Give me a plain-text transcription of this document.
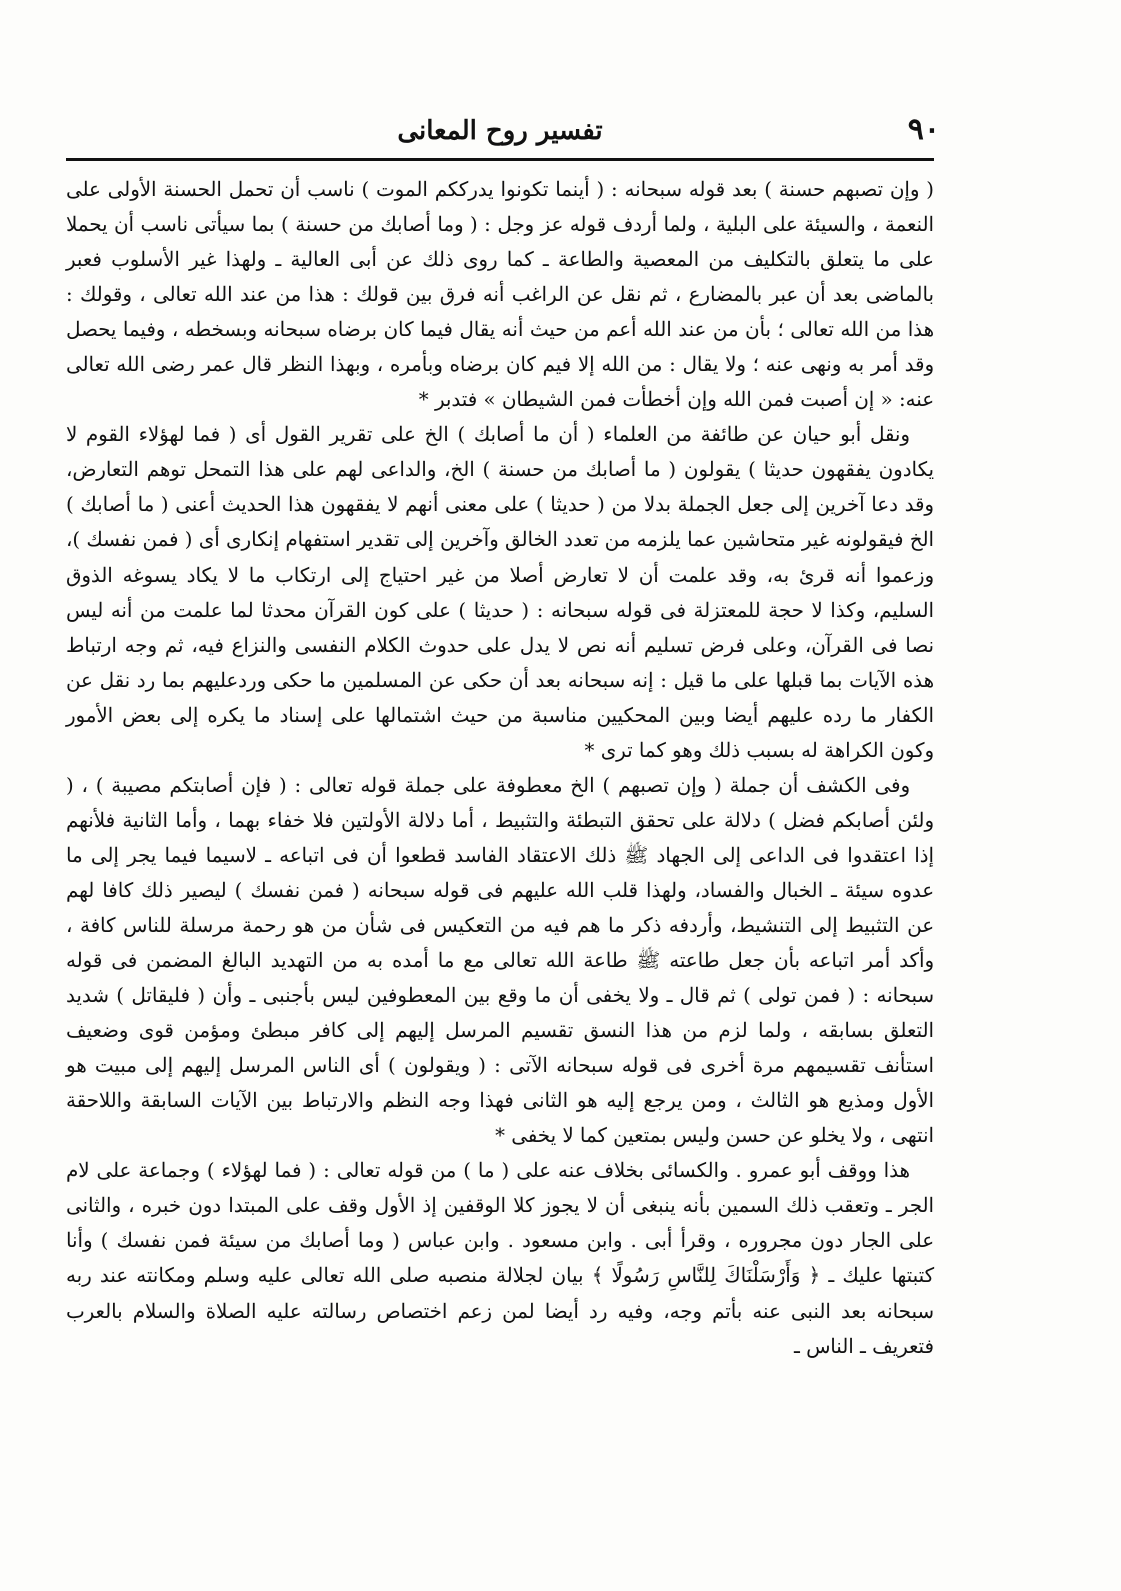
٩٠
تفسير روح المعانى

( وإن تصبهم حسنة ) بعد قوله سبحانه : ( أينما تكونوا يدرككم الموت ) ناسب أن تحمل الحسنة الأولى على النعمة ، والسيئة على البلية ، ولما أردف قوله عز وجل : ( وما أصابك من حسنة ) بما سيأتى ناسب أن يحملا على ما يتعلق بالتكليف من المعصية والطاعة ـ كما روى ذلك عن أبى العالية ـ ولهذا غير الأسلوب فعبر بالماضى بعد أن عبر بالمضارع ، ثم نقل عن الراغب أنه فرق بين قولك : هذا من عند الله تعالى ، وقولك : هذا من الله تعالى ؛ بأن من عند الله أعم من حيث أنه يقال فيما كان برضاه سبحانه وبسخطه ، وفيما يحصل وقد أمر به ونهى عنه ؛ ولا يقال : من الله إلا فيم كان برضاه وبأمره ، وبهذا النظر قال عمر رضى الله تعالى عنه: « إن أصبت فمن الله وإن أخطأت فمن الشيطان » فتدبر *

ونقل أبو حيان عن طائفة من العلماء ( أن ما أصابك ) الخ على تقرير القول أى ( فما لهؤلاء القوم لا يكادون يفقهون حديثا ) يقولون ( ما أصابك من حسنة ) الخ، والداعى لهم على هذا التمحل توهم التعارض، وقد دعا آخرين إلى جعل الجملة بدلا من ( حديثا ) على معنى أنهم لا يفقهون هذا الحديث أعنى ( ما أصابك ) الخ فيقولونه غير متحاشين عما يلزمه من تعدد الخالق وآخرين إلى تقدير استفهام إنكارى أى ( فمن نفسك )، وزعموا أنه قرئ به، وقد علمت أن لا تعارض أصلا من غير احتياج إلى ارتكاب ما لا يكاد يسوغه الذوق السليم، وكذا لا حجة للمعتزلة فى قوله سبحانه : ( حديثا ) على كون القرآن محدثا لما علمت من أنه ليس نصا فى القرآن، وعلى فرض تسليم أنه نص لا يدل على حدوث الكلام النفسى والنزاع فيه، ثم وجه ارتباط هذه الآيات بما قبلها على ما قيل : إنه سبحانه بعد أن حكى عن المسلمين ما حكى وردعليهم بما رد نقل عن الكفار ما رده عليهم أيضا وبين المحكيين مناسبة من حيث اشتمالها على إسناد ما يكره إلى بعض الأمور وكون الكراهة له بسبب ذلك وهو كما ترى *

وفى الكشف أن جملة ( وإن تصبهم ) الخ معطوفة على جملة قوله تعالى : ( فإن أصابتكم مصيبة ) ، ( ولئن أصابكم فضل ) دلالة على تحقق التبطئة والتثبيط ، أما دلالة الأولتين فلا خفاء بهما ، وأما الثانية فلأنهم إذا اعتقدوا فى الداعى إلى الجهاد ﷺ ذلك الاعتقاد الفاسد قطعوا أن فى اتباعه ـ لاسيما فيما يجر إلى ما عدوه سيئة ـ الخبال والفساد، ولهذا قلب الله عليهم فى قوله سبحانه ( فمن نفسك ) ليصير ذلك كافا لهم عن التثبيط إلى التنشيط، وأردفه ذكر ما هم فيه من التعكيس فى شأن من هو رحمة مرسلة للناس كافة ، وأكد أمر اتباعه بأن جعل طاعته ﷺ طاعة الله تعالى مع ما أمده به من التهديد البالغ المضمن فى قوله سبحانه : ( فمن تولى ) ثم قال ـ ولا يخفى أن ما وقع بين المعطوفين ليس بأجنبى ـ وأن ( فليقاتل ) شديد التعلق بسابقه ، ولما لزم من هذا النسق تقسيم المرسل إليهم إلى كافر مبطئ ومؤمن قوى وضعيف استأنف تقسيمهم مرة أخرى فى قوله سبحانه الآتى : ( ويقولون ) أى الناس المرسل إليهم إلى مبيت هو الأول ومذيع هو الثالث ، ومن يرجع إليه هو الثانى فهذا وجه النظم والارتباط بين الآيات السابقة واللاحقة انتهى ، ولا يخلو عن حسن وليس بمتعين كما لا يخفى *

هذا ووقف أبو عمرو . والكسائى بخلاف عنه على ( ما ) من قوله تعالى : ( فما لهؤلاء ) وجماعة على لام الجر ـ وتعقب ذلك السمين بأنه ينبغى أن لا يجوز كلا الوقفين إذ الأول وقف على المبتدا دون خبره ، والثانى على الجار دون مجروره ، وقرأ أبى . وابن مسعود . وابن عباس ( وما أصابك من سيئة فمن نفسك ) وأنا كتبتها عليك ـ ﴿ وَأَرْسَلْنَاكَ لِلنَّاسِ رَسُولًا ﴾ بيان لجلالة منصبه صلى الله تعالى عليه وسلم ومكانته عند ربه سبحانه بعد النبى عنه بأتم وجه، وفيه رد أيضا لمن زعم اختصاص رسالته عليه الصلاة والسلام بالعرب فتعريف ـ الناس ـ
